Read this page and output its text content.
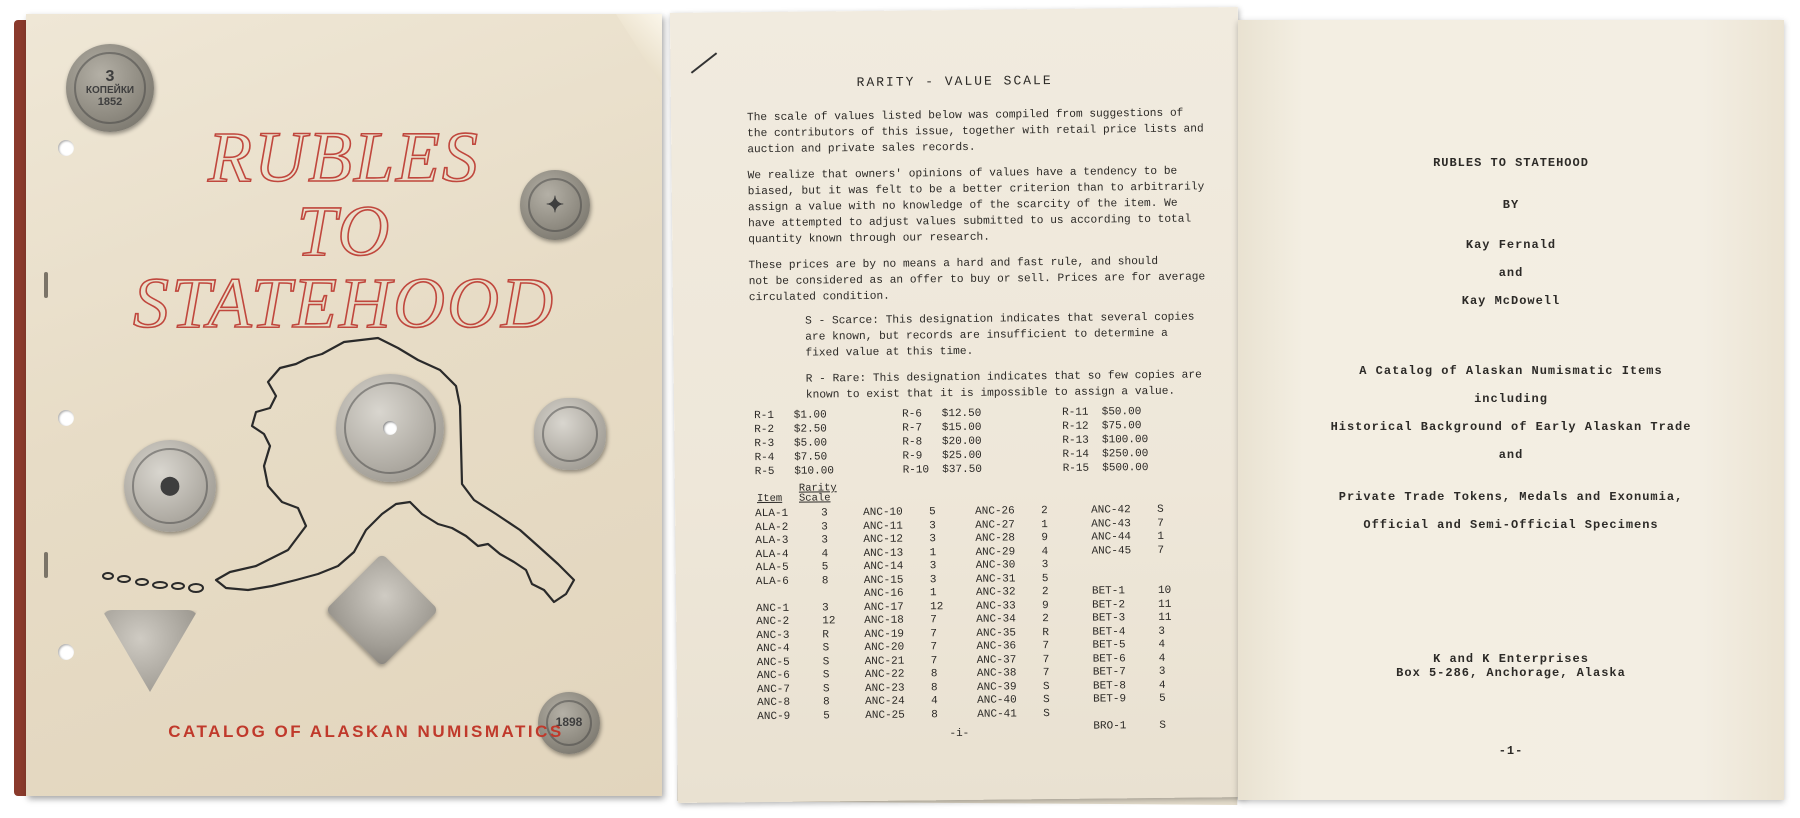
RUBLES
TO
STATEHOOD
3
КОПЕЙКИ
1852
✦
⬤
1898
CATALOG OF ALASKAN NUMISMATICS
RARITY - VALUE SCALE
The scale of values listed below was compiled from suggestions of
the contributors of this issue, together with retail price lists and
auction and private sales records.
We realize that owners' opinions of values have a tendency to be
biased, but it was felt to be a better criterion than to arbitrarily
assign a value with no knowledge of the scarcity of the item. We
have attempted to adjust values submitted to us according to total
quantity known through our research.
These prices are by no means a hard and fast rule, and should
not be considered as an offer to buy or sell. Prices are for average
circulated condition.
S - Scarce: This designation indicates that several copies
are known, but records are insufficient to determine a
fixed value at this time.
R - Rare: This designation indicates that so few copies are
known to exist that it is impossible to assign a value.
R-1 $1.00
R-2 $2.50
R-3 $5.00
R-4 $7.50
R-5 $10.00
R-6 $12.50
R-7 $15.00
R-8 $20.00
R-9 $25.00
R-10 $37.50
R-11 $50.00
R-12 $75.00
R-13 $100.00
R-14 $250.00
R-15 $500.00
Item
Rarity
Scale
ALA-1	3
ALA-2	3
ALA-3	3
ALA-4	4
ALA-5	5
ALA-6	8
ANC-1	3
ANC-2	12
ANC-3	R
ANC-4	S
ANC-5	S
ANC-6	S
ANC-7	S
ANC-8	8
ANC-9	5
ANC-10 5
ANC-11 3
ANC-12 3
ANC-13 1
ANC-14 3
ANC-15 3
ANC-16 1
ANC-17 12
ANC-18 7
ANC-19 7
ANC-20 7
ANC-21 7
ANC-22 8
ANC-23 8
ANC-24 4
ANC-25 8
ANC-26 2
ANC-27 1
ANC-28 9
ANC-29 4
ANC-30 3
ANC-31 5
ANC-32 2
ANC-33 9
ANC-34 2
ANC-35 R
ANC-36 7
ANC-37 7
ANC-38 7
ANC-39 S
ANC-40 S
ANC-41 S
ANC-42 S
ANC-43 7
ANC-44 1
ANC-45 7
BET-1	10
BET-2	11
BET-3	11
BET-4	3
BET-5	4
BET-6	4
BET-7	3
BET-8	4
BET-9	5
BRO-1	S
-i-
RUBLES TO STATEHOOD
BY
Kay Fernald
and
Kay McDowell
A Catalog of Alaskan Numismatic Items
including
Historical Background of Early Alaskan Trade
and
Private Trade Tokens, Medals and Exonumia,
Official and Semi-Official Specimens
K and K Enterprises
Box 5-286, Anchorage, Alaska
-1-
